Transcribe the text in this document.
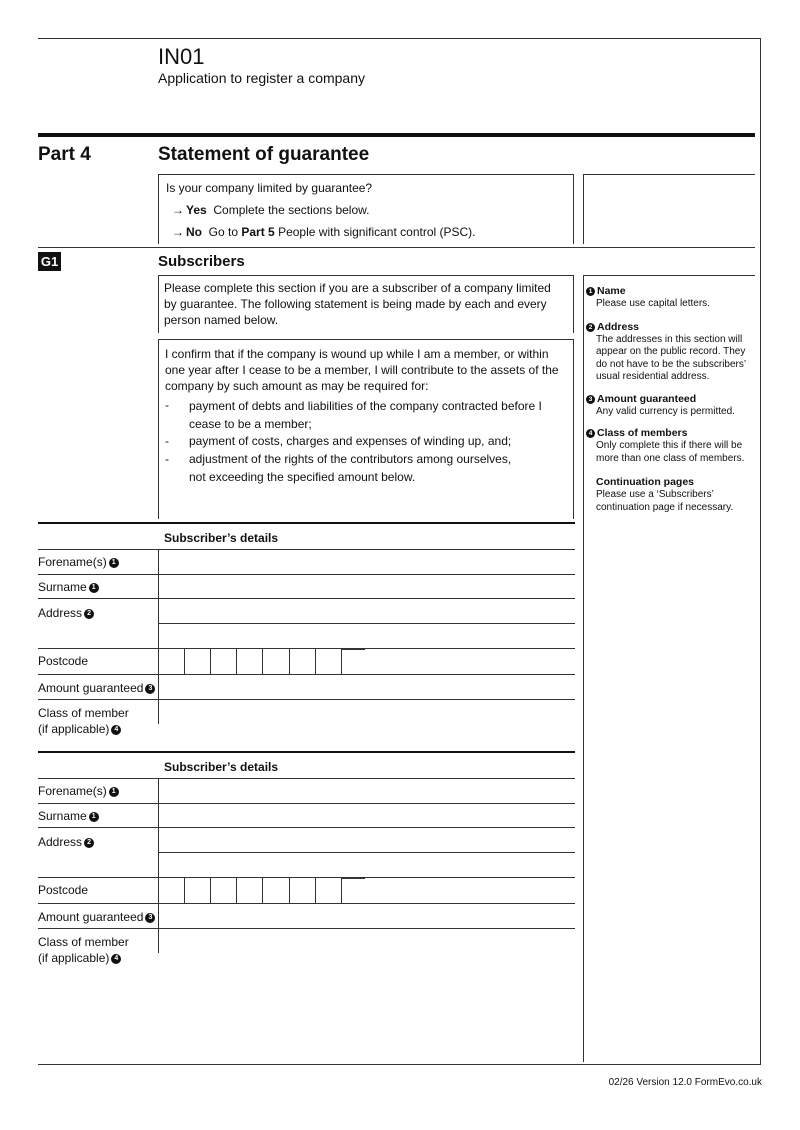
IN01
Application to register a company
Part 4	Statement of guarantee
Is your company limited by guarantee?
→ Yes Complete the sections below.
→ No Go to Part 5 People with significant control (PSC).
G1	Subscribers
Please complete this section if you are a subscriber of a company limited by guarantee. The following statement is being made by each and every person named below.
I confirm that if the company is wound up while I am a member, or within one year after I cease to be a member, I will contribute to the assets of the company by such amount as may be required for:
- payment of debts and liabilities of the company contracted before I cease to be a member;
- payment of costs, charges and expenses of winding up, and;
- adjustment of the rights of the contributors among ourselves,
not exceeding the specified amount below.
1 Name
Please use capital letters.
2 Address
The addresses in this section will appear on the public record. They do not have to be the subscribers’ usual residential address.
3 Amount guaranteed
Any valid currency is permitted.
4 Class of members
Only complete this if there will be more than one class of members.
Continuation pages
Please use a ‘Subscribers’ continuation page if necessary.
Subscriber’s details
Forename(s) 1
Surname 1
Address 2
Postcode
Amount guaranteed 3
Class of member
(if applicable) 4
Subscriber’s details
Forename(s) 1
Surname 1
Address 2
Postcode
Amount guaranteed 3
Class of member
(if applicable) 4
02/26 Version 12.0 FormEvo.co.uk
